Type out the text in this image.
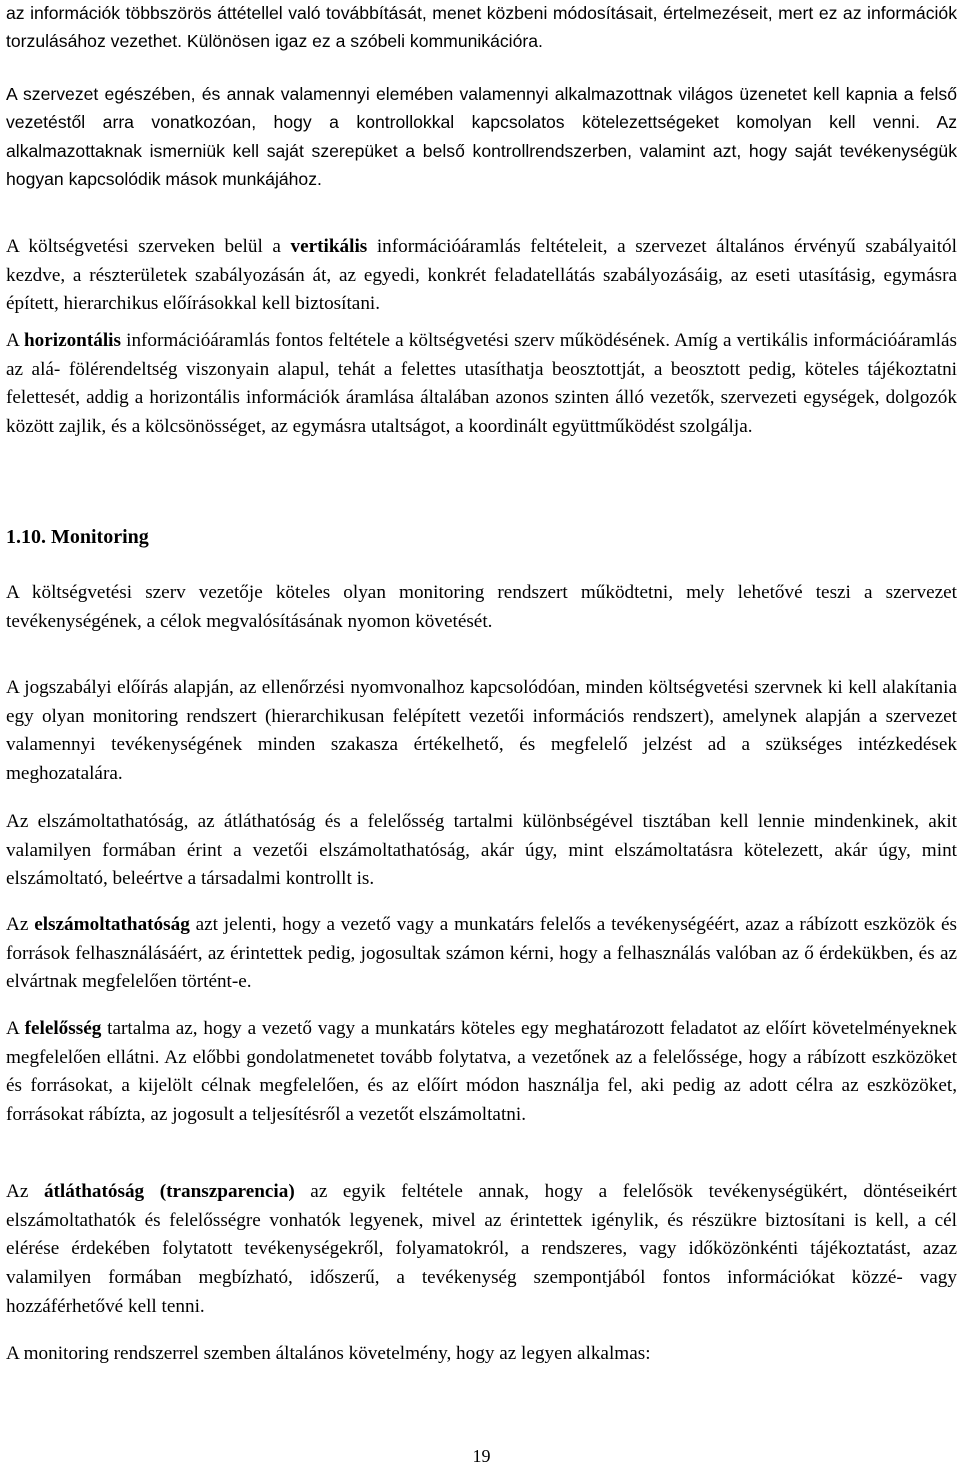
az információk többszörös áttétellel való továbbítását, menet közbeni módosításait, értelmezéseit, mert ez az információk torzulásához vezethet. Különösen igaz ez a szóbeli kommunikációra.

A szervezet egészében, és annak valamennyi elemében valamennyi alkalmazottnak világos üzenetet kell kapnia a felső vezetéstől arra vonatkozóan, hogy a kontrollokkal kapcsolatos kötelezettségeket komolyan kell venni. Az alkalmazottaknak ismerniük kell saját szerepüket a belső kontrollrendszerben, valamint azt, hogy saját tevékenységük hogyan kapcsolódik mások munkájához.

A költségvetési szerveken belül a vertikális információáramlás feltételeit, a szervezet általános érvényű szabályaitól kezdve, a részterületek szabályozásán át, az egyedi, konkrét feladatellátás szabályozásáig, az eseti utasításig, egymásra épített, hierarchikus előírásokkal kell biztosítani.

A horizontális információáramlás fontos feltétele a költségvetési szerv működésének. Amíg a vertikális információáramlás az alá- fölérendeltség viszonyain alapul, tehát a felettes utasíthatja beosztottját, a beosztott pedig, köteles tájékoztatni felettesét, addig a horizontális információk áramlása általában azonos szinten álló vezetők, szervezeti egységek, dolgozók között zajlik, és a kölcsönösséget, az egymásra utaltságot, a koordinált együttműködést szolgálja.

1.10. Monitoring

A költségvetési szerv vezetője köteles olyan monitoring rendszert működtetni, mely lehetővé teszi a szervezet tevékenységének, a célok megvalósításának nyomon követését.

A jogszabályi előírás alapján, az ellenőrzési nyomvonalhoz kapcsolódóan, minden költségvetési szervnek ki kell alakítania egy olyan monitoring rendszert (hierarchikusan felépített vezetői információs rendszert), amelynek alapján a szervezet valamennyi tevékenységének minden szakasza értékelhető, és megfelelő jelzést ad a szükséges intézkedések meghozatalára.

Az elszámoltathatóság, az átláthatóság és a felelősség tartalmi különbségével tisztában kell lennie mindenkinek, akit valamilyen formában érint a vezetői elszámoltathatóság, akár úgy, mint elszámoltatásra kötelezett, akár úgy, mint elszámoltató, beleértve a társadalmi kontrollt is.

Az elszámoltathatóság azt jelenti, hogy a vezető vagy a munkatárs felelős a tevékenységéért, azaz a rábízott eszközök és források felhasználásáért, az érintettek pedig, jogosultak számon kérni, hogy a felhasználás valóban az ő érdekükben, és az elvártnak megfelelően történt-e.

A felelősség tartalma az, hogy a vezető vagy a munkatárs köteles egy meghatározott feladatot az előírt követelményeknek megfelelően ellátni. Az előbbi gondolatmenetet tovább folytatva, a vezetőnek az a felelőssége, hogy a rábízott eszközöket és forrásokat, a kijelölt célnak megfelelően, és az előírt módon használja fel, aki pedig az adott célra az eszközöket, forrásokat rábízta, az jogosult a teljesítésről a vezetőt elszámoltatni.

Az átláthatóság (transzparencia) az egyik feltétele annak, hogy a felelősök tevékenységükért, döntéseikért elszámoltathatók és felelősségre vonhatók legyenek, mivel az érintettek igénylik, és részükre biztosítani is kell, a cél elérése érdekében folytatott tevékenységekről, folyamatokról, a rendszeres, vagy időközönkénti tájékoztatást, azaz valamilyen formában megbízható, időszerű, a tevékenység szempontjából fontos információkat közzé- vagy hozzáférhetővé kell tenni.

A monitoring rendszerrel szemben általános követelmény, hogy az legyen alkalmas:

19
